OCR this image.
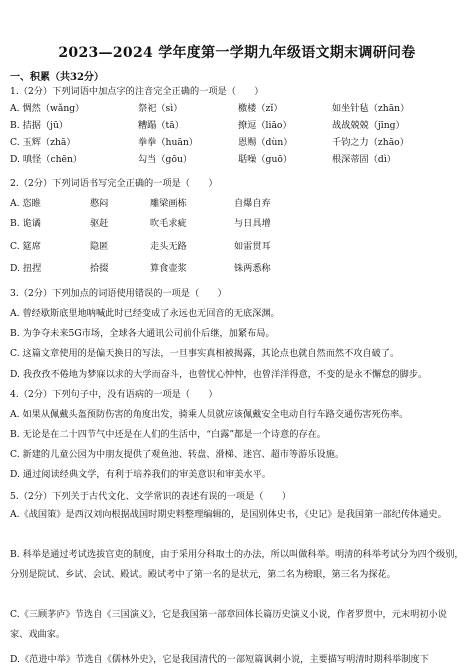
2023—2024 学年度第一学期九年级语文期末调研问卷
一、积累（共32分）
1.（2分）下列词语中加点字的注音完全正确的一项是（　　）
A. 惆然（wǎng）	祭祀（sì）	檄楼（zǐ）	如坐针毡（zhān）
B. 拮据（jū）	糟蹋（tā）	撩逗（liāo）	战战兢兢（jīng）
C. 玉辉（zhā）	拳拳（huān）	恩赐（dùn）	千钧之力（zhāo）
D. 嗔怪（chēn）	勾当（gōu）	聒噪（guō）	根深蒂固（dì）
2.（2分）下列词语书写完全正确的一项是（　　）
A. 恣睢	憨闷	雕梁画栋	自爆自弃
B. 诡谲	驱赶	吹毛求疵	与日具增
C. 筵席	隐匿	走头无路	如雷贯耳
D. 扭捏	拾掇	算食壶浆	铢两悉称
3.（2分）下列加点的词语使用错误的一项是（　　）
A. 曾经歇斯底里地呐喊此时已经变成了永远也无回音的无底深渊。
B. 为争夺未来5G市场，全球各大通讯公司前仆后继，加紧布局。
C. 这篇文章使用的是偏天换日的写法，一旦事实真相被揭露，其论点也就自然而然不攻自破了。
D. 我孜孜不倦地为梦寐以求的大学而奋斗，也曾忧心忡忡，也曾洋洋得意，不变的是永不懈怠的脚步。
4.（2分）下列句子中，没有语病的一项是（　　）
A. 如果从佩戴头盔预防伤害的角度出发，骑乘人员就应该佩戴安全电动自行车路交通伤害死伤率。
B. 无论是在二十四节气中还是在人们的生活中，“白露”都是一个诗意的存在。
C. 新建的儿童公园为中朋友提供了观鱼池、转盘、滑梯、迷宫、超市等游乐设施。
D. 通过阅读经典文学，有利于培养我们的审美意识和审美水平。
5.（2分）下列关于古代文化、文学常识的表述有误的一项是（　　）
A.《战国策》是西汉刘向根据战国时期史料整理编辑的，是国别体史书，《史记》是我国第一部纪传体通史。
B. 科举是通过考试选拔官吏的制度，由于采用分科取士的办法，所以叫做科举。明清的科举考试分为四个级别，分别是院试、乡试、会试、殿试。殿试考中了第一名的是状元，第二名为榜眼，第三名为探花。
C.《三顾茅庐》节选自《三国演义》，它是我国第一部章回体长篇历史演义小说，作者罗贯中，元末明初小说家、戏曲家。
D.《范进中举》节选自《儒林外史》，它是我国清代的一部短篇讽刺小说，主要描写明清时期科举制度下
